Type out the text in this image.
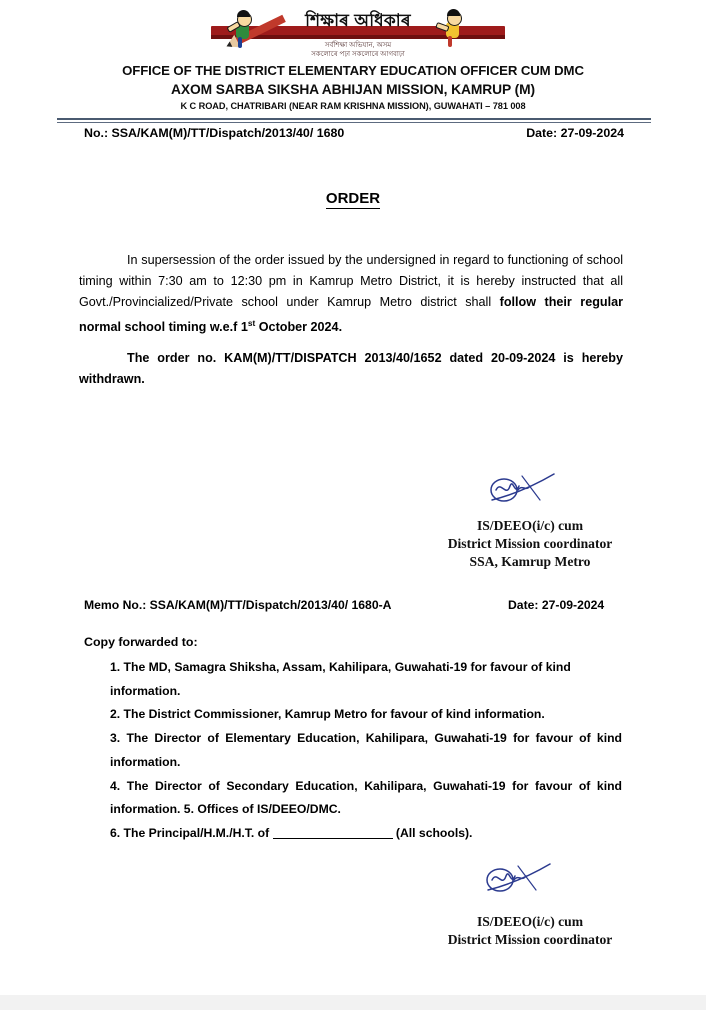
শিক্ষাৰ অধিকাৰ
সৰ্বশিক্ষা অভিযান, অসম
সকলোৰে পঢ়া সকলোৰে আগবাঢ়া
OFFICE OF THE DISTRICT ELEMENTARY EDUCATION OFFICER CUM DMC
AXOM SARBA SIKSHA ABHIJAN MISSION, KAMRUP (M)
K C ROAD, CHATRIBARI (NEAR RAM KRISHNA MISSION), GUWAHATI – 781 008
No.: SSA/KAM(M)/TT/Dispatch/2013/40/ 1680	Date: 27-09-2024
ORDER

In supersession of the order issued by the undersigned in regard to functioning of school timing within 7:30 am to 12:30 pm in Kamrup Metro District, it is hereby instructed that all Govt./Provincialized/Private school under Kamrup Metro district shall follow their regular normal school timing w.e.f 1st October 2024.

The order no. KAM(M)/TT/DISPATCH 2013/40/1652 dated 20-09-2024 is hereby withdrawn.

IS/DEEO(i/c) cum
District Mission coordinator
SSA, Kamrup Metro
Memo No.: SSA/KAM(M)/TT/Dispatch/2013/40/ 1680-A	Date: 27-09-2024
Copy forwarded to:

1. The MD, Samagra Shiksha, Assam, Kahilipara, Guwahati-19 for favour of kind information.

2. The District Commissioner, Kamrup Metro for favour of kind information.

3. The Director of Elementary Education, Kahilipara, Guwahati-19 for favour of kind information.

4. The Director of Secondary Education, Kahilipara, Guwahati-19 for favour of kind information. 5. Offices of IS/DEEO/DMC.

6. The Principal/H.M./H.T. of	(All schools).

IS/DEEO(i/c) cum
District Mission coordinator
